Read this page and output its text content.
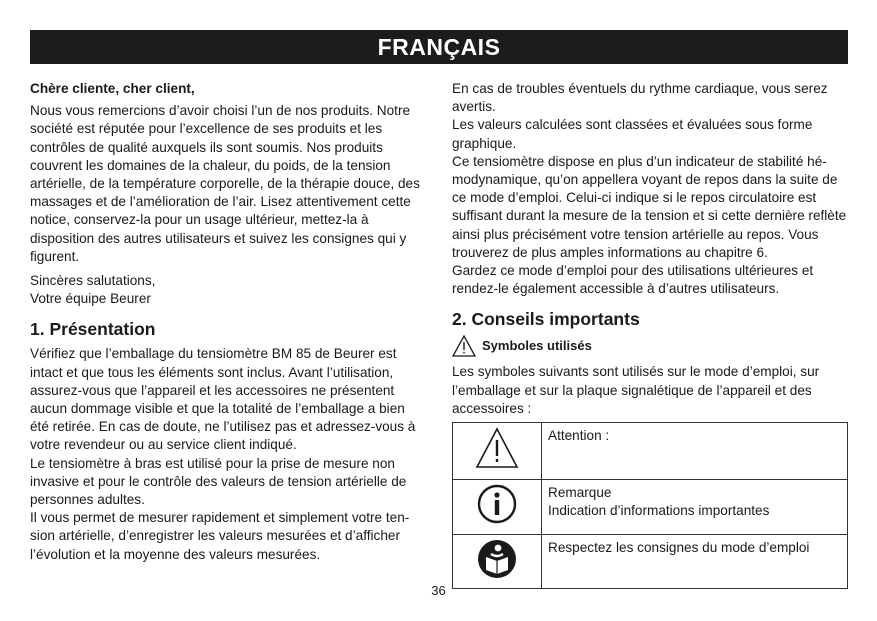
FRANÇAIS

Chère cliente, cher client,

Nous vous remercions d’avoir choisi l’un de nos produits. Notre société est réputée pour l’excellence de ses produits et les contrôles de qualité auxquels ils sont soumis. Nos produits couvrent les domaines de la chaleur, du poids, de la tension artérielle, de la température corporelle, de la thérapie douce, des massages et de l’amélioration de l’air. Lisez attentivement cette notice, conservez-la pour un usage ultérieur, mettez-la à disposition des autres utilisateurs et suivez les consignes qui y figurent.

Sincères salutations,

Votre équipe Beurer

1. Présentation

Vérifiez que l’emballage du tensiomètre BM 85 de Beurer est intact et que tous les éléments sont inclus. Avant l’utilisation, assurez-vous que l’appareil et les accessoires ne présentent aucun dommage visible et que la totalité de l’emballage a bien été retirée. En cas de doute, ne l’utilisez pas et adressez-vous à votre revendeur ou au service client indiqué.

Le tensiomètre à bras est utilisé pour la prise de mesure non invasive et pour le contrôle des valeurs de tension artérielle de personnes adultes.

Il vous permet de mesurer rapidement et simplement votre ten-sion artérielle, d’enregistrer les valeurs mesurées et d’afficher l’évolution et la moyenne des valeurs mesurées.

En cas de troubles éventuels du rythme cardiaque, vous serez avertis.

Les valeurs calculées sont classées et évaluées sous forme graphique.

Ce tensiomètre dispose en plus d’un indicateur de stabilité hé-modynamique, qu’on appellera voyant de repos dans la suite de ce mode d’emploi. Celui-ci indique si le repos circulatoire est suffisant durant la mesure de la tension et si cette dernière reflète ainsi plus précisément votre tension artérielle au repos. Vous trouverez de plus amples informations au chapitre 6.

Gardez ce mode d’emploi pour des utilisations ultérieures et rendez-le également accessible à d’autres utilisateurs.

2. Conseils importants
Symboles utilisés

Les symboles suivants sont utilisés sur le mode d’emploi, sur l’emballage et sur la plaque signalétique de l’appareil et des accessoires :

	Attention :

Remarque
Indication d’informations importantes

	Respectez les consignes du mode d’emploi
36
